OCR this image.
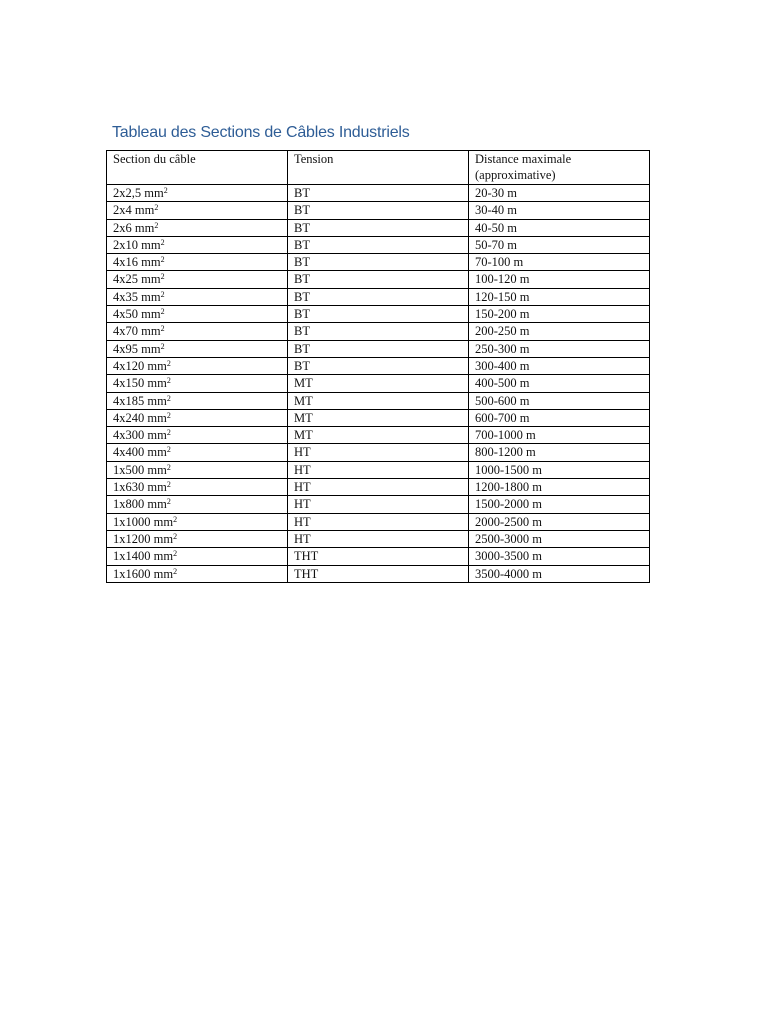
Tableau des Sections de Câbles Industriels
Section du câble	Tension	Distance maximale (approximative)
2x2,5 $mm^2$	BT	20-30 m
2x4 $mm^2$	BT	30-40 m
2x6 $mm^2$	BT	40-50 m
2x10 $mm^2$	BT	50-70 m
4x16 $mm^2$	BT	70-100 m
4x25 $mm^2$	BT	100-120 m
4x35 $mm^2$	BT	120-150 m
4x50 $mm^2$	BT	150-200 m
4x70 $mm^2$	BT	200-250 m
4x95 $mm^2$	BT	250-300 m
4x120 $mm^2$	BT	300-400 m
4x150 $mm^2$	MT	400-500 m
4x185 $mm^2$	MT	500-600 m
4x240 $mm^2$	MT	600-700 m
4x300 $mm^2$	MT	700-1000 m
4x400 $mm^2$	HT	800-1200 m
1x500 $mm^2$	HT	1000-1500 m
1x630 $mm^2$	HT	1200-1800 m
1x800 $mm^2$	HT	1500-2000 m
1x1000 $mm^2$	HT	2000-2500 m
1x1200 $mm^2$	HT	2500-3000 m
1x1400 $mm^2$	THT	3000-3500 m
1x1600 $mm^2$	THT	3500-4000 m
